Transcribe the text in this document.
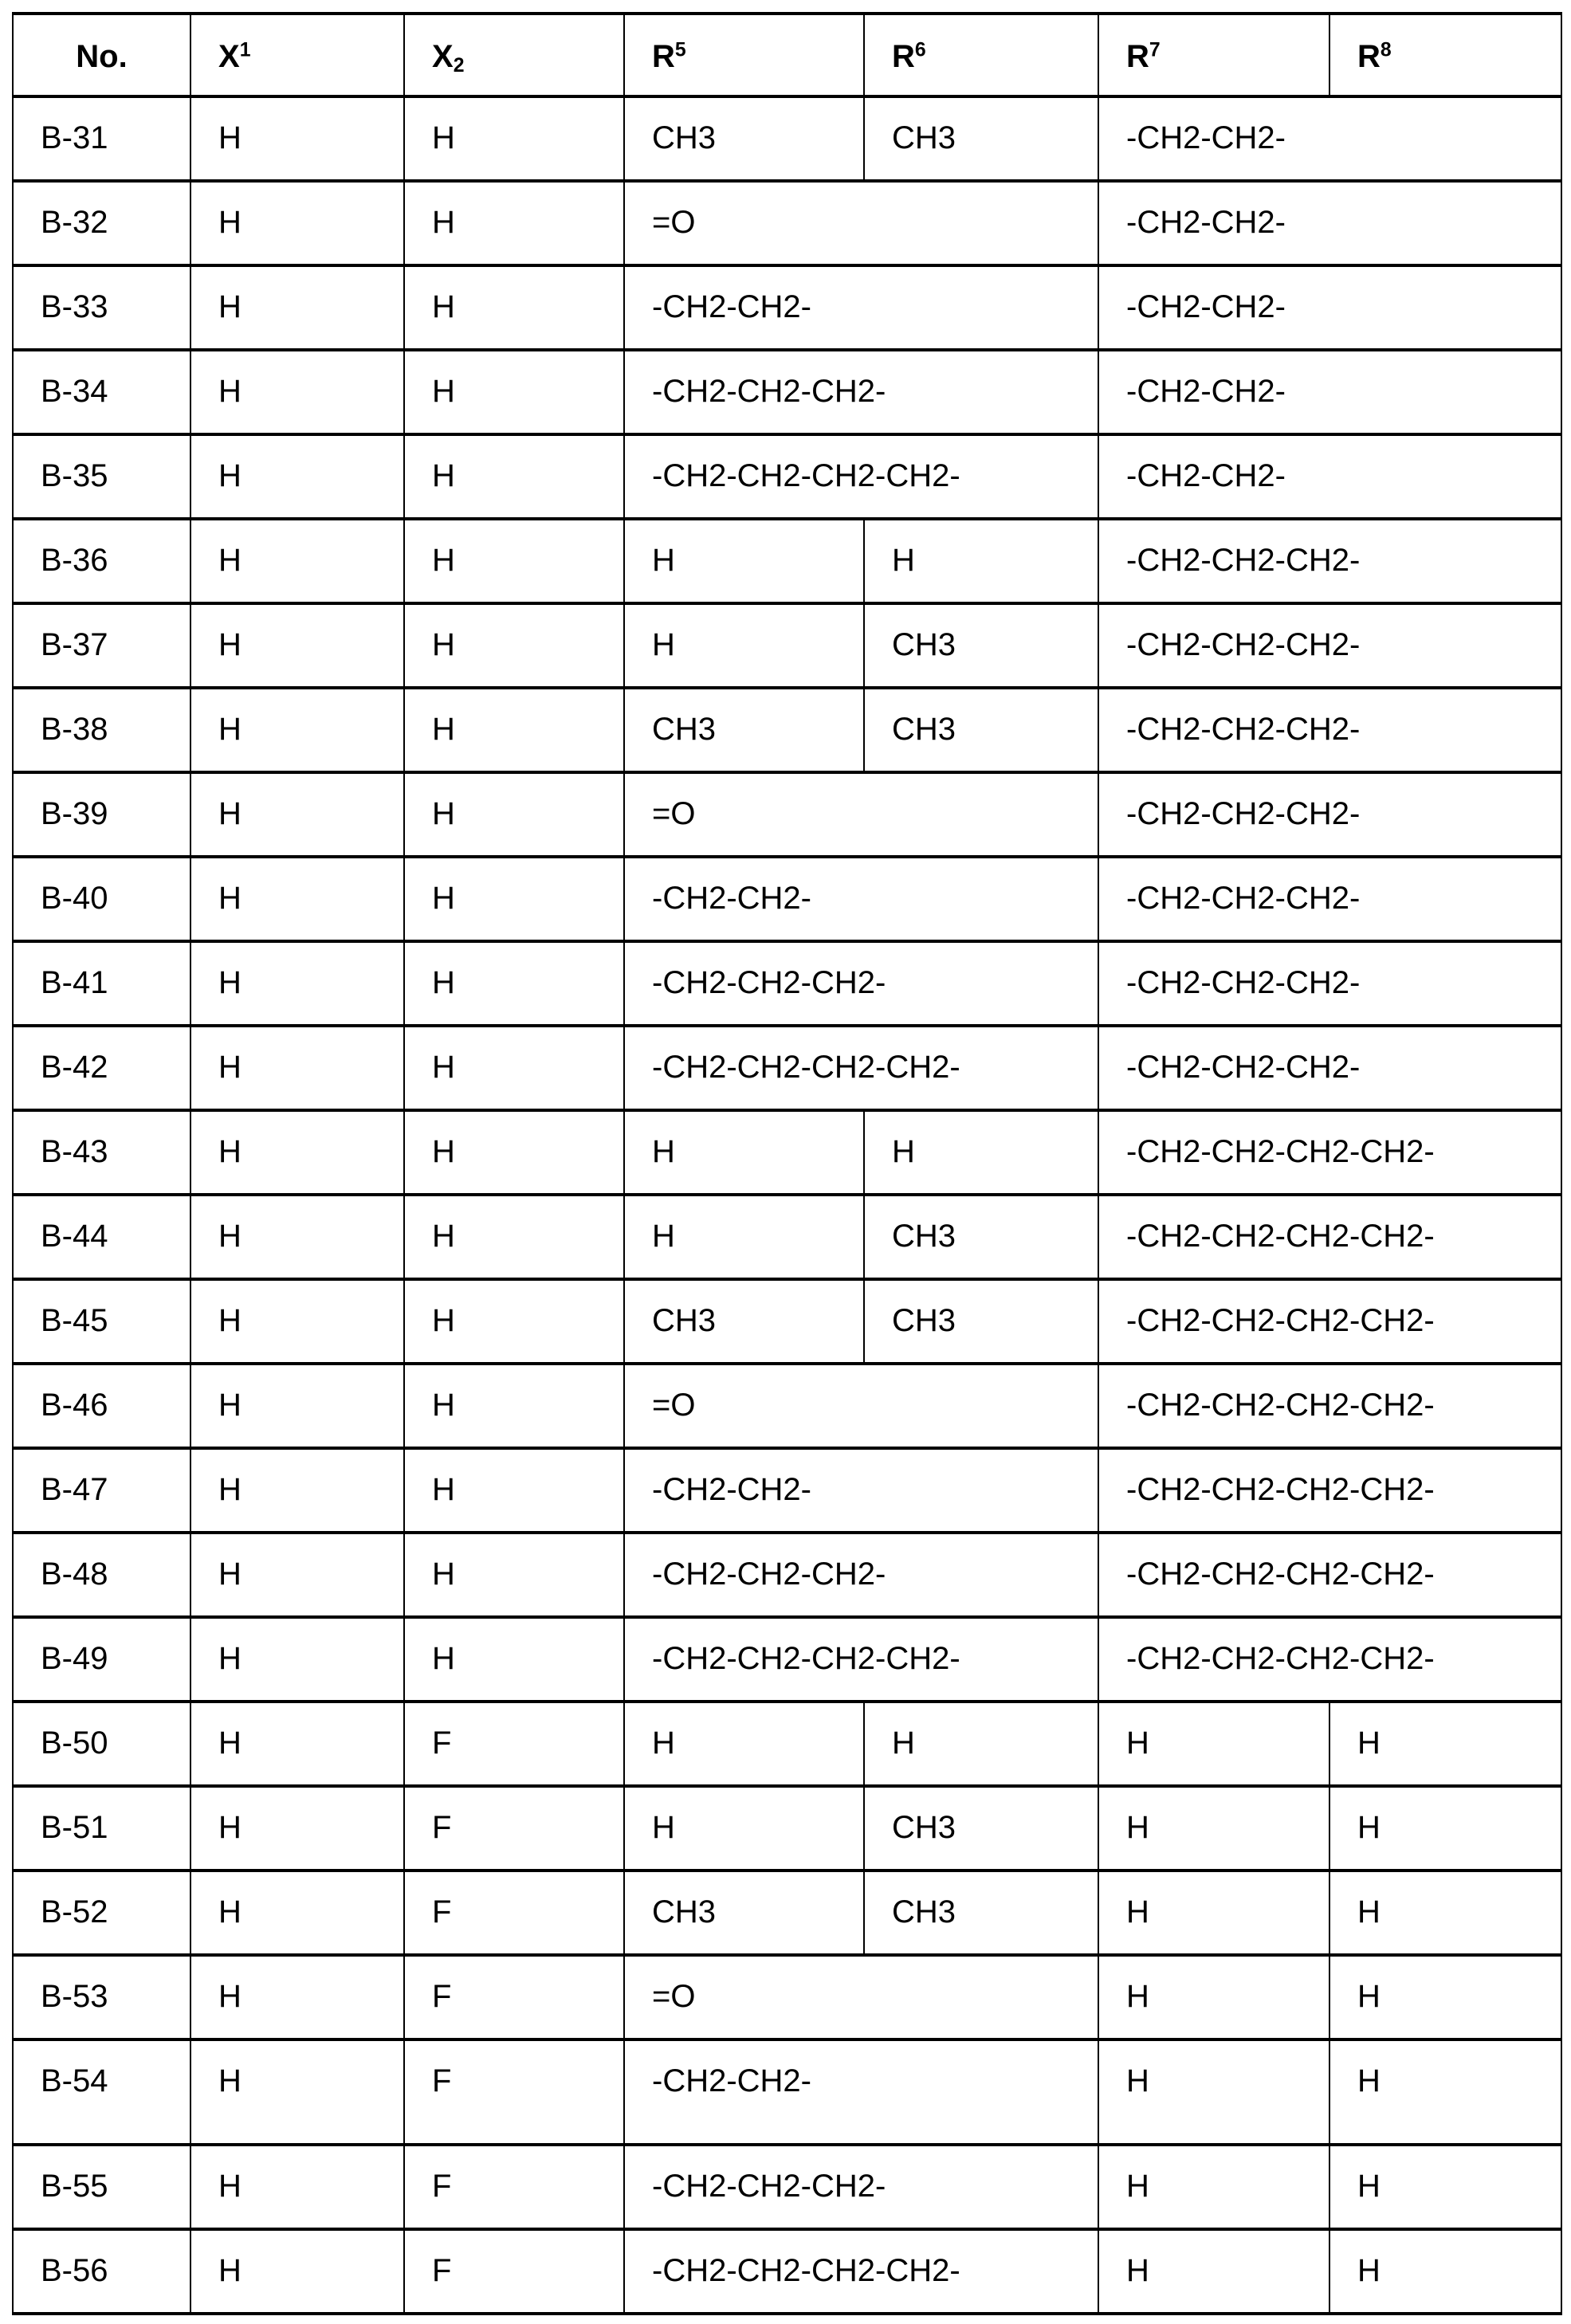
No.	X1	X2	R5	R6	R7	R8
B-31	H	H	CH3	CH3	-CH2-CH2-
B-32	H	H	=O	-CH2-CH2-
B-33	H	H	-CH2-CH2-	-CH2-CH2-
B-34	H	H	-CH2-CH2-CH2-	-CH2-CH2-
B-35	H	H	-CH2-CH2-CH2-CH2-	-CH2-CH2-
B-36	H	H	H	H	-CH2-CH2-CH2-
B-37	H	H	H	CH3	-CH2-CH2-CH2-
B-38	H	H	CH3	CH3	-CH2-CH2-CH2-
B-39	H	H	=O	-CH2-CH2-CH2-
B-40	H	H	-CH2-CH2-	-CH2-CH2-CH2-
B-41	H	H	-CH2-CH2-CH2-	-CH2-CH2-CH2-
B-42	H	H	-CH2-CH2-CH2-CH2-	-CH2-CH2-CH2-
B-43	H	H	H	H	-CH2-CH2-CH2-CH2-
B-44	H	H	H	CH3	-CH2-CH2-CH2-CH2-
B-45	H	H	CH3	CH3	-CH2-CH2-CH2-CH2-
B-46	H	H	=O	-CH2-CH2-CH2-CH2-
B-47	H	H	-CH2-CH2-	-CH2-CH2-CH2-CH2-
B-48	H	H	-CH2-CH2-CH2-	-CH2-CH2-CH2-CH2-
B-49	H	H	-CH2-CH2-CH2-CH2-	-CH2-CH2-CH2-CH2-
B-50	H	F	H	H	H	H
B-51	H	F	H	CH3	H	H
B-52	H	F	CH3	CH3	H	H
B-53	H	F	=O	H	H
B-54	H	F	-CH2-CH2-	H	H
B-55	H	F	-CH2-CH2-CH2-	H	H
B-56	H	F	-CH2-CH2-CH2-CH2-	H	H
